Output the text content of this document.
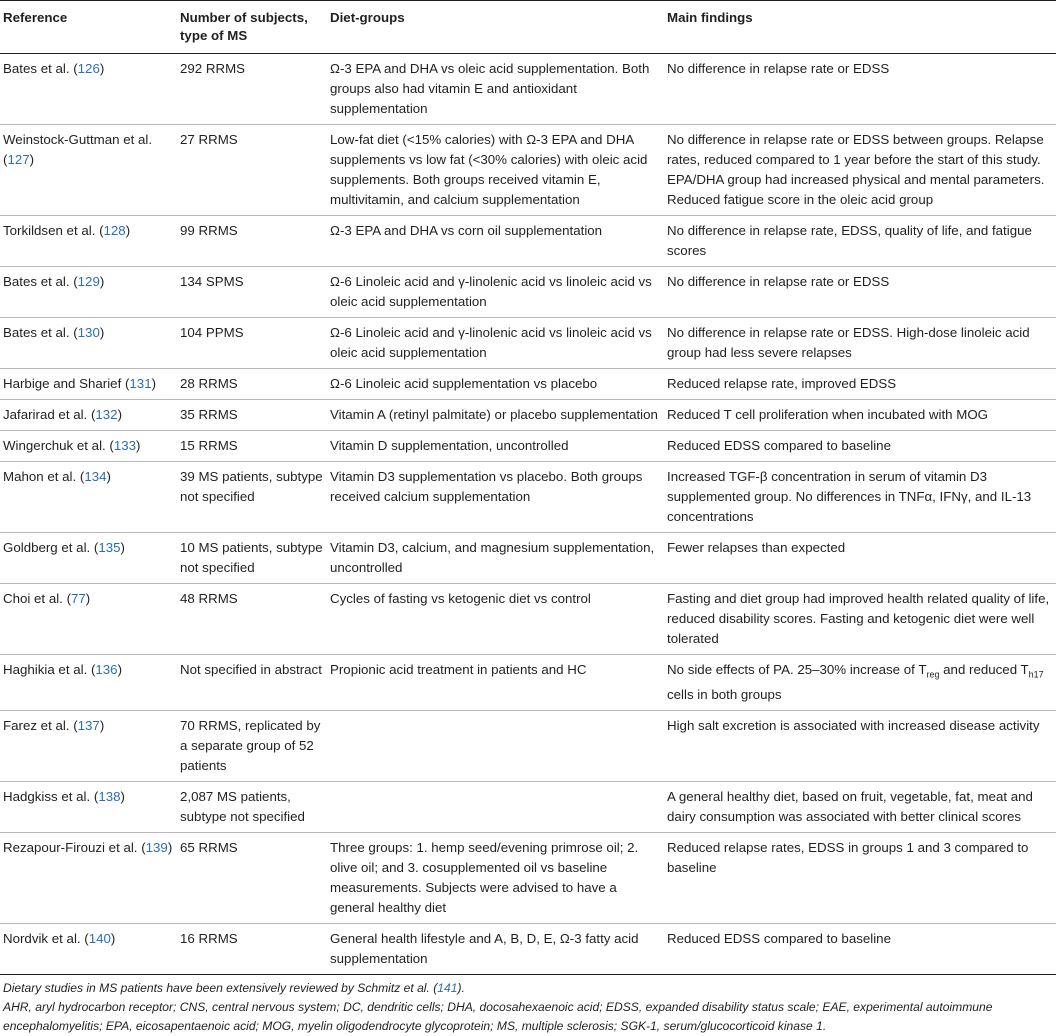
Reference	Number of subjects, type of MS	Diet-groups	Main findings
Bates et al. (126)	292 RRMS	Ω-3 EPA and DHA vs oleic acid supplementation. Both groups also had vitamin E and antioxidant supplementation	No difference in relapse rate or EDSS
Weinstock-Guttman et al. (127)	27 RRMS	Low-fat diet (<15% calories) with Ω-3 EPA and DHA supplements vs low fat (<30% calories) with oleic acid supplements. Both groups received vitamin E, multivitamin, and calcium supplementation	No difference in relapse rate or EDSS between groups. Relapse rates, reduced compared to 1 year before the start of this study. EPA/DHA group had increased physical and mental parameters. Reduced fatigue score in the oleic acid group
Torkildsen et al. (128)	99 RRMS	Ω-3 EPA and DHA vs corn oil supplementation	No difference in relapse rate, EDSS, quality of life, and fatigue scores
Bates et al. (129)	134 SPMS	Ω-6 Linoleic acid and γ-linolenic acid vs linoleic acid vs oleic acid supplementation	No difference in relapse rate or EDSS
Bates et al. (130)	104 PPMS	Ω-6 Linoleic acid and γ-linolenic acid vs linoleic acid vs oleic acid supplementation	No difference in relapse rate or EDSS. High-dose linoleic acid group had less severe relapses
Harbige and Sharief (131)	28 RRMS	Ω-6 Linoleic acid supplementation vs placebo	Reduced relapse rate, improved EDSS
Jafarirad et al. (132)	35 RRMS	Vitamin A (retinyl palmitate) or placebo supplementation	Reduced T cell proliferation when incubated with MOG
Wingerchuk et al. (133)	15 RRMS	Vitamin D supplementation, uncontrolled	Reduced EDSS compared to baseline
Mahon et al. (134)	39 MS patients, subtype not specified	Vitamin D3 supplementation vs placebo. Both groups received calcium supplementation	Increased TGF-β concentration in serum of vitamin D3 supplemented group. No differences in TNFα, IFNγ, and IL-13 concentrations
Goldberg et al. (135)	10 MS patients, subtype not specified	Vitamin D3, calcium, and magnesium supplementation, uncontrolled	Fewer relapses than expected
Choi et al. (77)	48 RRMS	Cycles of fasting vs ketogenic diet vs control	Fasting and diet group had improved health related quality of life, reduced disability scores. Fasting and ketogenic diet were well tolerated
Haghikia et al. (136)	Not specified in abstract	Propionic acid treatment in patients and HC	No side effects of PA. 25–30% increase of $T_{reg}$ and reduced $T_{h17}$ cells in both groups
Farez et al. (137)	70 RRMS, replicated by a separate group of 52 patients		High salt excretion is associated with increased disease activity
Hadgkiss et al. (138)	2,087 MS patients, subtype not specified		A general healthy diet, based on fruit, vegetable, fat, meat and dairy consumption was associated with better clinical scores
Rezapour-Firouzi et al. (139)	65 RRMS	Three groups: 1. hemp seed/evening primrose oil; 2. olive oil; and 3. cosupplemented oil vs baseline measurements. Subjects were advised to have a general healthy diet	Reduced relapse rates, EDSS in groups 1 and 3 compared to baseline
Nordvik et al. (140)	16 RRMS	General health lifestyle and A, B, D, E, Ω-3 fatty acid supplementation	Reduced EDSS compared to baseline
Dietary studies in MS patients have been extensively reviewed by Schmitz et al. (141).
AHR, aryl hydrocarbon receptor; CNS, central nervous system; DC, dendritic cells; DHA, docosahexaenoic acid; EDSS, expanded disability status scale; EAE, experimental autoimmune encephalomyelitis; EPA, eicosapentaenoic acid; MOG, myelin oligodendrocyte glycoprotein; MS, multiple sclerosis; SGK-1, serum/glucocorticoid kinase 1.
